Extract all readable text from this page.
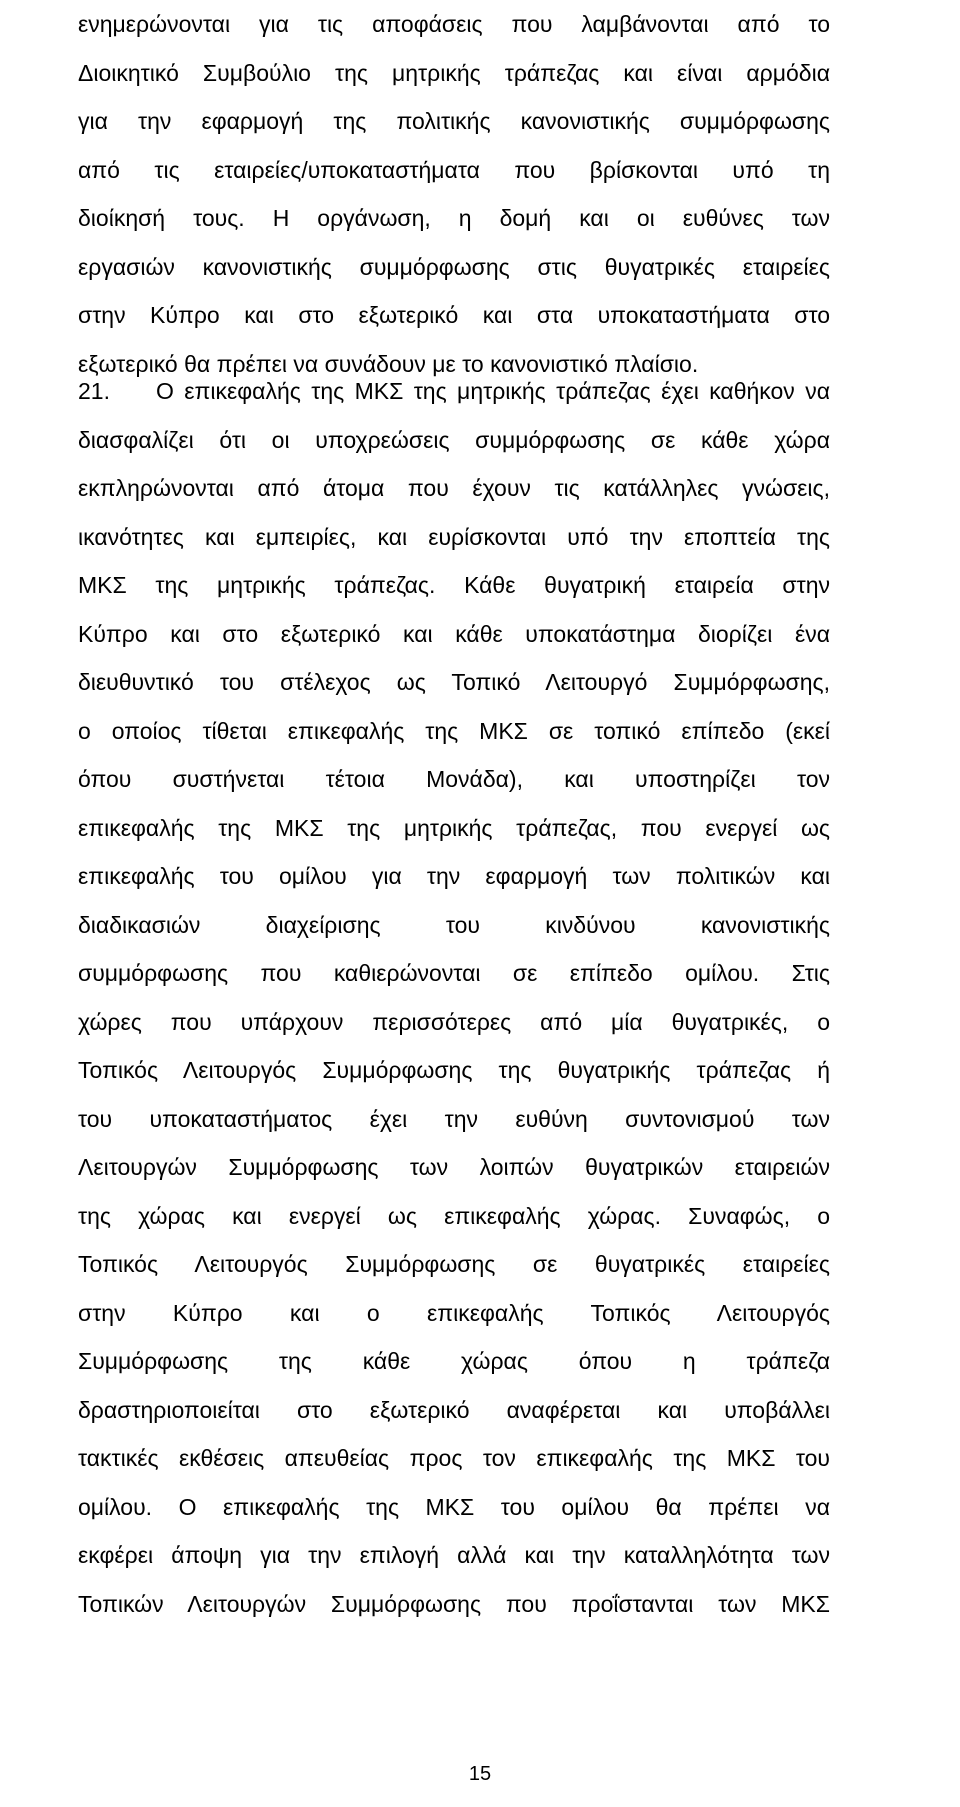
ενημερώνονται για τις αποφάσεις που λαμβάνονται από το
Διοικητικό Συμβούλιο της μητρικής τράπεζας και είναι αρμόδια
για την εφαρμογή της πολιτικής κανονιστικής συμμόρφωσης
από τις εταιρείες/υποκαταστήματα που βρίσκονται υπό τη
διοίκησή τους. Η οργάνωση, η δομή και οι ευθύνες των
εργασιών κανονιστικής συμμόρφωσης στις θυγατρικές εταιρείες
στην Κύπρο και στο εξωτερικό και στα υποκαταστήματα στο
εξωτερικό θα πρέπει να συνάδουν με το κανονιστικό πλαίσιο.
21.	Ο επικεφαλής της ΜΚΣ της μητρικής τράπεζας έχει καθήκον να
διασφαλίζει ότι οι υποχρεώσεις συμμόρφωσης σε κάθε χώρα
εκπληρώνονται από άτομα που έχουν τις κατάλληλες γνώσεις,
ικανότητες και εμπειρίες, και ευρίσκονται υπό την εποπτεία της
ΜΚΣ της μητρικής τράπεζας. Κάθε θυγατρική εταιρεία στην
Κύπρο και στο εξωτερικό και κάθε υποκατάστημα διορίζει ένα
διευθυντικό του στέλεχος ως Τοπικό Λειτουργό Συμμόρφωσης,
ο οποίος τίθεται επικεφαλής της ΜΚΣ σε τοπικό επίπεδο (εκεί
όπου συστήνεται τέτοια Μονάδα), και υποστηρίζει τον
επικεφαλής της ΜΚΣ της μητρικής τράπεζας, που ενεργεί ως
επικεφαλής του ομίλου για την εφαρμογή των πολιτικών και
διαδικασιών διαχείρισης του κινδύνου κανονιστικής
συμμόρφωσης που καθιερώνονται σε επίπεδο ομίλου. Στις
χώρες που υπάρχουν περισσότερες από μία θυγατρικές, ο
Τοπικός Λειτουργός Συμμόρφωσης της θυγατρικής τράπεζας ή
του υποκαταστήματος έχει την ευθύνη συντονισμού των
Λειτουργών Συμμόρφωσης των λοιπών θυγατρικών εταιρειών
της χώρας και ενεργεί ως επικεφαλής χώρας. Συναφώς, ο
Τοπικός Λειτουργός Συμμόρφωσης σε θυγατρικές εταιρείες
στην Κύπρο και ο επικεφαλής Τοπικός Λειτουργός
Συμμόρφωσης της κάθε χώρας όπου η τράπεζα
δραστηριοποιείται στο εξωτερικό αναφέρεται και υποβάλλει
τακτικές εκθέσεις απευθείας προς τον επικεφαλής της ΜΚΣ του
ομίλου. Ο επικεφαλής της ΜΚΣ του ομίλου θα πρέπει να
εκφέρει άποψη για την επιλογή αλλά και την καταλληλότητα των
Τοπικών Λειτουργών Συμμόρφωσης που προΐστανται των ΜΚΣ
15
